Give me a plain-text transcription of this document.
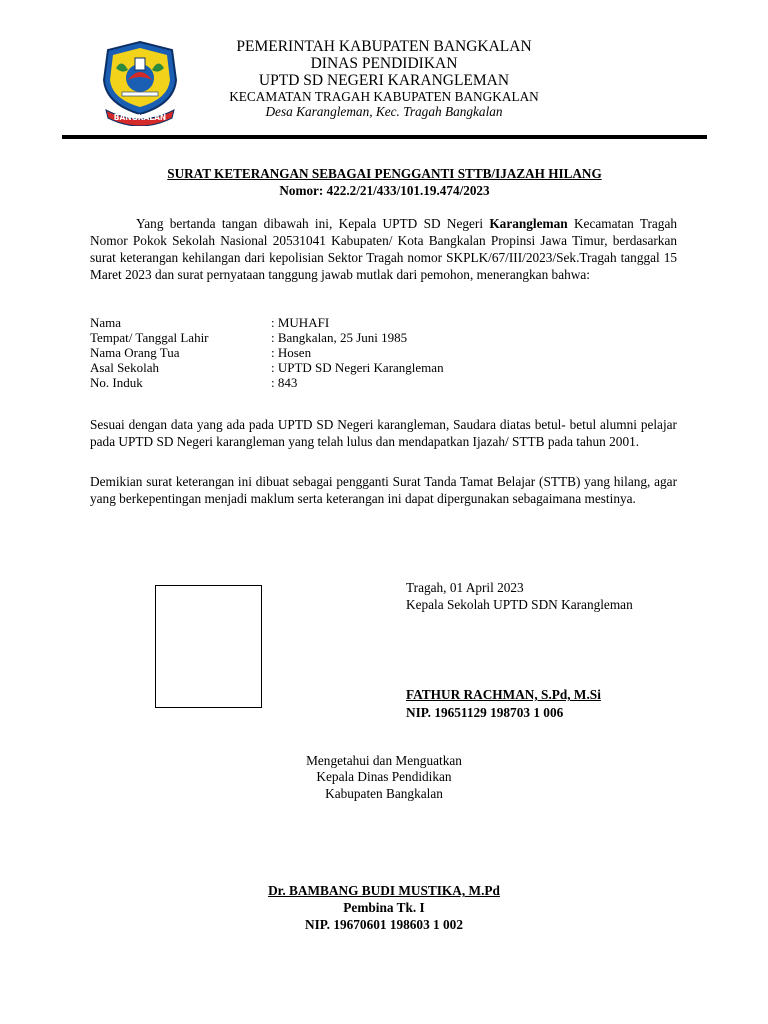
BANGKALAN
PEMERINTAH KABUPATEN BANGKALAN
DINAS PENDIDIKAN
UPTD SD NEGERI KARANGLEMAN
KECAMATAN TRAGAH KABUPATEN BANGKALAN
Desa Karangleman, Kec. Tragah Bangkalan
SURAT KETERANGAN SEBAGAI PENGGANTI STTB/IJAZAH HILANG
Nomor: 422.2/21/433/101.19.474/2023
Yang bertanda tangan dibawah ini, Kepala UPTD SD Negeri Karangleman Kecamatan Tragah Nomor Pokok Sekolah Nasional 20531041 Kabupaten/ Kota Bangkalan Propinsi Jawa Timur, berdasarkan surat keterangan kehilangan dari kepolisian Sektor Tragah nomor SKPLK/67/III/2023/Sek.Tragah tanggal 15 Maret 2023 dan surat pernyataan tanggung jawab mutlak dari pemohon, menerangkan bahwa:
Nama	: MUHAFI
Tempat/ Tanggal Lahir	: Bangkalan, 25 Juni 1985
Nama Orang Tua	: Hosen
Asal Sekolah	: UPTD SD Negeri Karangleman
No. Induk	: 843
Sesuai dengan data yang ada pada UPTD SD Negeri karangleman, Saudara diatas betul- betul alumni pelajar pada UPTD SD Negeri karangleman yang telah lulus dan mendapatkan Ijazah/ STTB pada tahun 2001.
Demikian surat keterangan ini dibuat sebagai pengganti Surat Tanda Tamat Belajar (STTB) yang hilang, agar yang berkepentingan menjadi maklum serta keterangan ini dapat dipergunakan sebagaimana mestinya.
Tragah, 01 April 2023
Kepala Sekolah UPTD SDN Karangleman
FATHUR RACHMAN, S.Pd, M.Si
NIP. 19651129 198703 1 006
Mengetahui dan Menguatkan
Kepala Dinas Pendidikan
Kabupaten Bangkalan
Dr. BAMBANG BUDI MUSTIKA, M.Pd
Pembina Tk. I
NIP. 19670601 198603 1 002
